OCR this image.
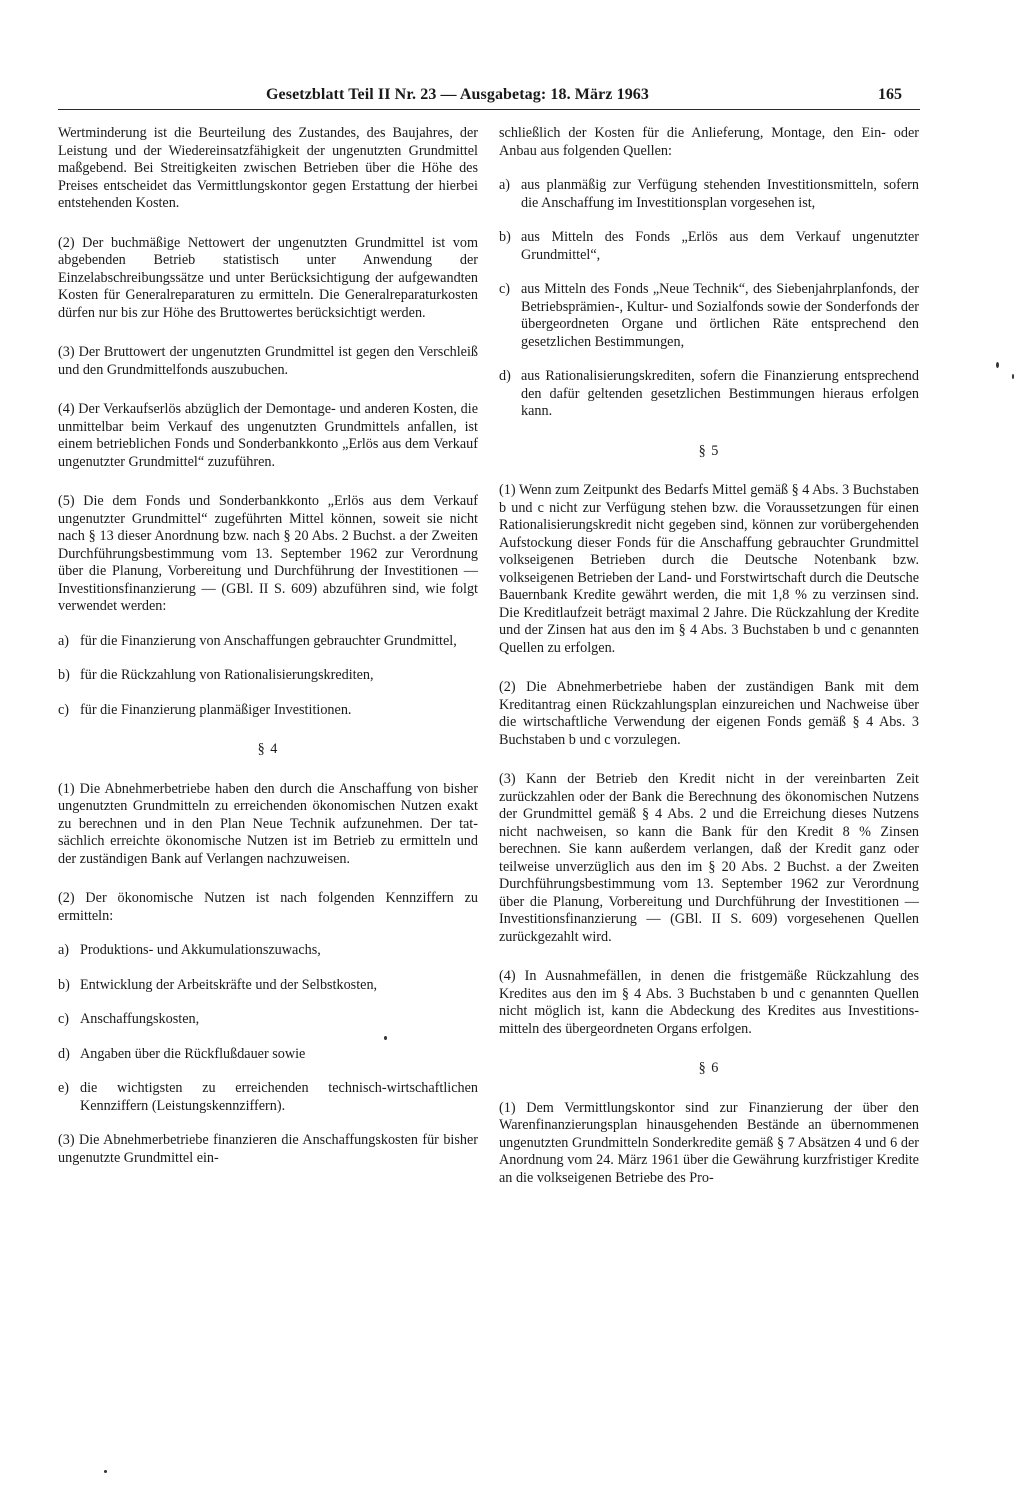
Gesetzblatt Teil II Nr. 23 — Ausgabetag: 18. März 1963	165

Wertminderung ist die Beurteilung des Zustandes, des Baujahres, der Leistung und der Wiedereinsatzfähigkeit der ungenutzten Grundmittel maßgebend. Bei Streitigkeiten zwischen Betrieben über die Höhe des Preises entscheidet das Vermittlungskontor gegen Erstattung der hierbei entstehenden Kosten.

(2) Der buchmäßige Nettowert der ungenutzten Grundmittel ist vom abgebenden Betrieb statistisch unter Anwendung der Einzelabschreibungssätze und unter Berücksichtigung der aufgewandten Kosten für Generalreparaturen zu ermitteln. Die Generalreparaturkosten dürfen nur bis zur Höhe des Bruttowertes berücksichtigt werden.

(3) Der Bruttowert der ungenutzten Grundmittel ist gegen den Verschleiß und den Grundmittelfonds auszubuchen.

(4) Der Verkaufserlös abzüglich der Demontage- und anderen Kosten, die unmittelbar beim Verkauf des ungenutzten Grundmittels anfallen, ist einem betrieblichen Fonds und Sonderbankkonto „Erlös aus dem Verkauf ungenutzter Grundmittel“ zuzuführen.

(5) Die dem Fonds und Sonderbankkonto „Erlös aus dem Verkauf ungenutzter Grundmittel“ zugeführten Mittel können, soweit sie nicht nach § 13 dieser Anordnung bzw. nach § 20 Abs. 2 Buchst. a der Zweiten Durchführungsbestimmung vom 13. September 1962 zur Verordnung über die Planung, Vorbereitung und Durchführung der Investitionen — Investitionsfinanzierung — (GBl. II S. 609) abzuführen sind, wie folgt verwendet werden:

a) für die Finanzierung von Anschaffungen gebrauchter Grundmittel,
b) für die Rückzahlung von Rationalisierungskrediten,
c) für die Finanzierung planmäßiger Investitionen.
§ 4

(1) Die Abnehmerbetriebe haben den durch die Anschaffung von bisher ungenutzten Grundmitteln zu erreichenden ökonomischen Nutzen exakt zu berechnen und in den Plan Neue Technik aufzunehmen. Der tatsächlich erreichte ökonomische Nutzen ist im Betrieb zu ermitteln und der zuständigen Bank auf Verlangen nachzuweisen.

(2) Der ökonomische Nutzen ist nach folgenden Kennziffern zu ermitteln:

a) Produktions- und Akkumulationszuwachs,
b) Entwicklung der Arbeitskräfte und der Selbstkosten,
c) Anschaffungskosten,
d) Angaben über die Rückflußdauer sowie
e) die wichtigsten zu erreichenden technisch-wirtschaftlichen Kennziffern (Leistungskennziffern).

(3) Die Abnehmerbetriebe finanzieren die Anschaffungskosten für bisher ungenutzte Grundmittel ein-

schließlich der Kosten für die Anlieferung, Montage, den Ein- oder Anbau aus folgenden Quellen:

a) aus planmäßig zur Verfügung stehenden Investitionsmitteln, sofern die Anschaffung im Investitionsplan vorgesehen ist,
b) aus Mitteln des Fonds „Erlös aus dem Verkauf ungenutzter Grundmittel“,
c) aus Mitteln des Fonds „Neue Technik“, des Siebenjahrplanfonds, der Betriebsprämien-, Kultur- und Sozialfonds sowie der Sonderfonds der übergeordneten Organe und örtlichen Räte entsprechend den gesetzlichen Bestimmungen,
d) aus Rationalisierungskrediten, sofern die Finanzierung entsprechend den dafür geltenden gesetzlichen Bestimmungen hieraus erfolgen kann.
§ 5

(1) Wenn zum Zeitpunkt des Bedarfs Mittel gemäß § 4 Abs. 3 Buchstaben b und c nicht zur Verfügung stehen bzw. die Voraussetzungen für einen Rationalisierungskredit nicht gegeben sind, können zur vorübergehenden Aufstockung dieser Fonds für die Anschaffung gebrauchter Grundmittel volkseigenen Betrieben durch die Deutsche Notenbank bzw. volkseigenen Betrieben der Land- und Forstwirtschaft durch die Deutsche Bauernbank Kredite gewährt werden, die mit 1,8 % zu verzinsen sind. Die Kreditlaufzeit beträgt maximal 2 Jahre. Die Rückzahlung der Kredite und der Zinsen hat aus den im § 4 Abs. 3 Buchstaben b und c genannten Quellen zu erfolgen.

(2) Die Abnehmerbetriebe haben der zuständigen Bank mit dem Kreditantrag einen Rückzahlungsplan einzureichen und Nachweise über die wirtschaftliche Verwendung der eigenen Fonds gemäß § 4 Abs. 3 Buchstaben b und c vorzulegen.

(3) Kann der Betrieb den Kredit nicht in der vereinbarten Zeit zurückzahlen oder der Bank die Berechnung des ökonomischen Nutzens der Grundmittel gemäß § 4 Abs. 2 und die Erreichung dieses Nutzens nicht nachweisen, so kann die Bank für den Kredit 8 % Zinsen berechnen. Sie kann außerdem verlangen, daß der Kredit ganz oder teilweise unverzüglich aus den im § 20 Abs. 2 Buchst. a der Zweiten Durchführungsbestimmung vom 13. September 1962 zur Verordnung über die Planung, Vorbereitung und Durchführung der Investitionen — Investitionsfinanzierung — (GBl. II S. 609) vorgesehenen Quellen zurückgezahlt wird.

(4) In Ausnahmefällen, in denen die fristgemäße Rückzahlung des Kredites aus den im § 4 Abs. 3 Buchstaben b und c genannten Quellen nicht möglich ist, kann die Abdeckung des Kredites aus Investitionsmitteln des übergeordneten Organs erfolgen.

§ 6

(1) Dem Vermittlungskontor sind zur Finanzierung der über den Warenfinanzierungsplan hinausgehenden Bestände an übernommenen ungenutzten Grundmitteln Sonderkredite gemäß § 7 Absätzen 4 und 6 der Anordnung vom 24. März 1961 über die Gewährung kurzfristiger Kredite an die volkseigenen Betriebe des Pro-
